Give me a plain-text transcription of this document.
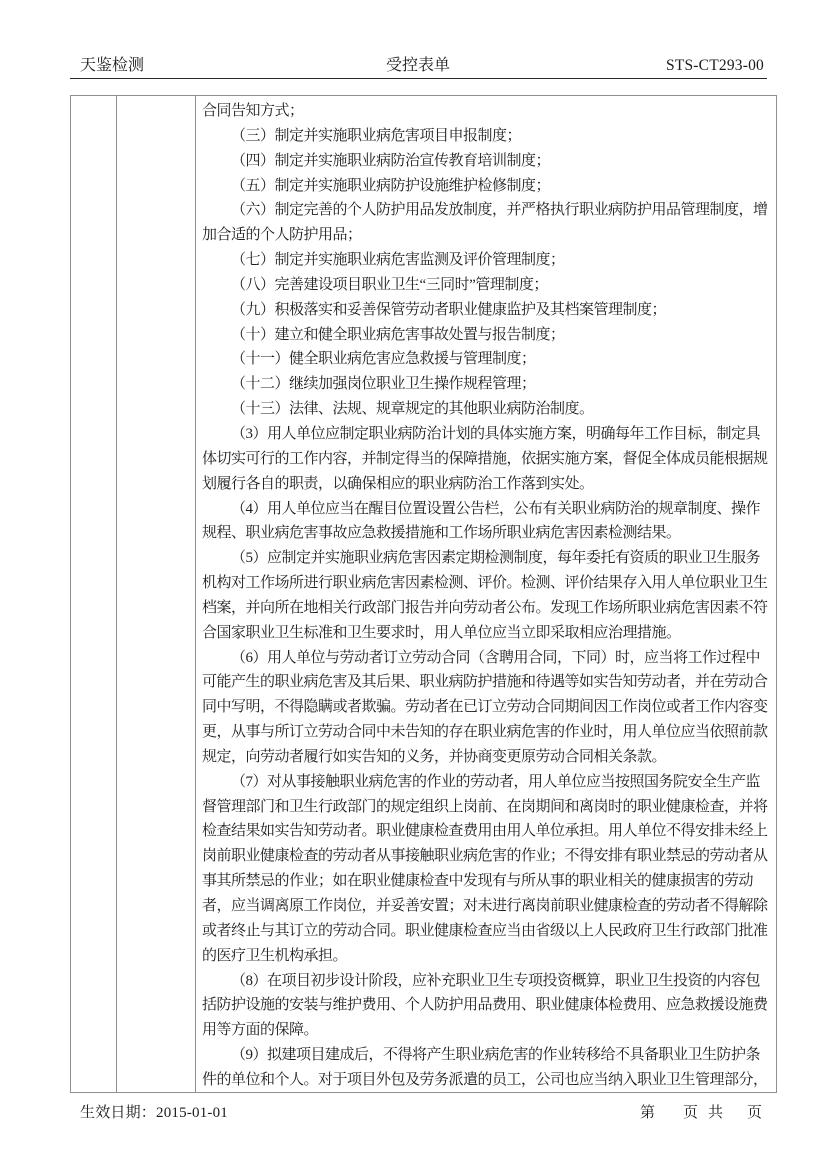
天鉴检测	受控表单	STS-CT293-00
合同告知方式；
（三）制定并实施职业病危害项目申报制度；
（四）制定并实施职业病防治宣传教育培训制度；
（五）制定并实施职业病防护设施维护检修制度；
（六）制定完善的个人防护用品发放制度，并严格执行职业病防护用品管理制度，增
加合适的个人防护用品；
（七）制定并实施职业病危害监测及评价管理制度；
（八）完善建设项目职业卫生“三同时”管理制度；
（九）积极落实和妥善保管劳动者职业健康监护及其档案管理制度；
（十）建立和健全职业病危害事故处置与报告制度；
（十一）健全职业病危害应急救援与管理制度；
（十二）继续加强岗位职业卫生操作规程管理；
（十三）法律、法规、规章规定的其他职业病防治制度。
（3）用人单位应制定职业病防治计划的具体实施方案，明确每年工作目标，制定具
体切实可行的工作内容，并制定得当的保障措施，依据实施方案，督促全体成员能根据规
划履行各自的职责，以确保相应的职业病防治工作落到实处。
（4）用人单位应当在醒目位置设置公告栏，公布有关职业病防治的规章制度、操作
规程、职业病危害事故应急救援措施和工作场所职业病危害因素检测结果。
（5）应制定并实施职业病危害因素定期检测制度，每年委托有资质的职业卫生服务
机构对工作场所进行职业病危害因素检测、评价。检测、评价结果存入用人单位职业卫生
档案，并向所在地相关行政部门报告并向劳动者公布。发现工作场所职业病危害因素不符
合国家职业卫生标准和卫生要求时，用人单位应当立即采取相应治理措施。
（6）用人单位与劳动者订立劳动合同（含聘用合同，下同）时，应当将工作过程中
可能产生的职业病危害及其后果、职业病防护措施和待遇等如实告知劳动者，并在劳动合
同中写明，不得隐瞒或者欺骗。劳动者在已订立劳动合同期间因工作岗位或者工作内容变
更，从事与所订立劳动合同中未告知的存在职业病危害的作业时，用人单位应当依照前款
规定，向劳动者履行如实告知的义务，并协商变更原劳动合同相关条款。
（7）对从事接触职业病危害的作业的劳动者，用人单位应当按照国务院安全生产监
督管理部门和卫生行政部门的规定组织上岗前、在岗期间和离岗时的职业健康检查，并将
检查结果如实告知劳动者。职业健康检查费用由用人单位承担。用人单位不得安排未经上
岗前职业健康检查的劳动者从事接触职业病危害的作业；不得安排有职业禁忌的劳动者从
事其所禁忌的作业；如在职业健康检查中发现有与所从事的职业相关的健康损害的劳动
者，应当调离原工作岗位，并妥善安置；对未进行离岗前职业健康检查的劳动者不得解除
或者终止与其订立的劳动合同。职业健康检查应当由省级以上人民政府卫生行政部门批准
的医疗卫生机构承担。
（8）在项目初步设计阶段，应补充职业卫生专项投资概算，职业卫生投资的内容包
括防护设施的安装与维护费用、个人防护用品费用、职业健康体检费用、应急救援设施费
用等方面的保障。
（9）拟建项目建成后，不得将产生职业病危害的作业转移给不具备职业卫生防护条
件的单位和个人。对于项目外包及劳务派遣的员工，公司也应当纳入职业卫生管理部分，
生效日期：2015-01-01	第 页 共 页
